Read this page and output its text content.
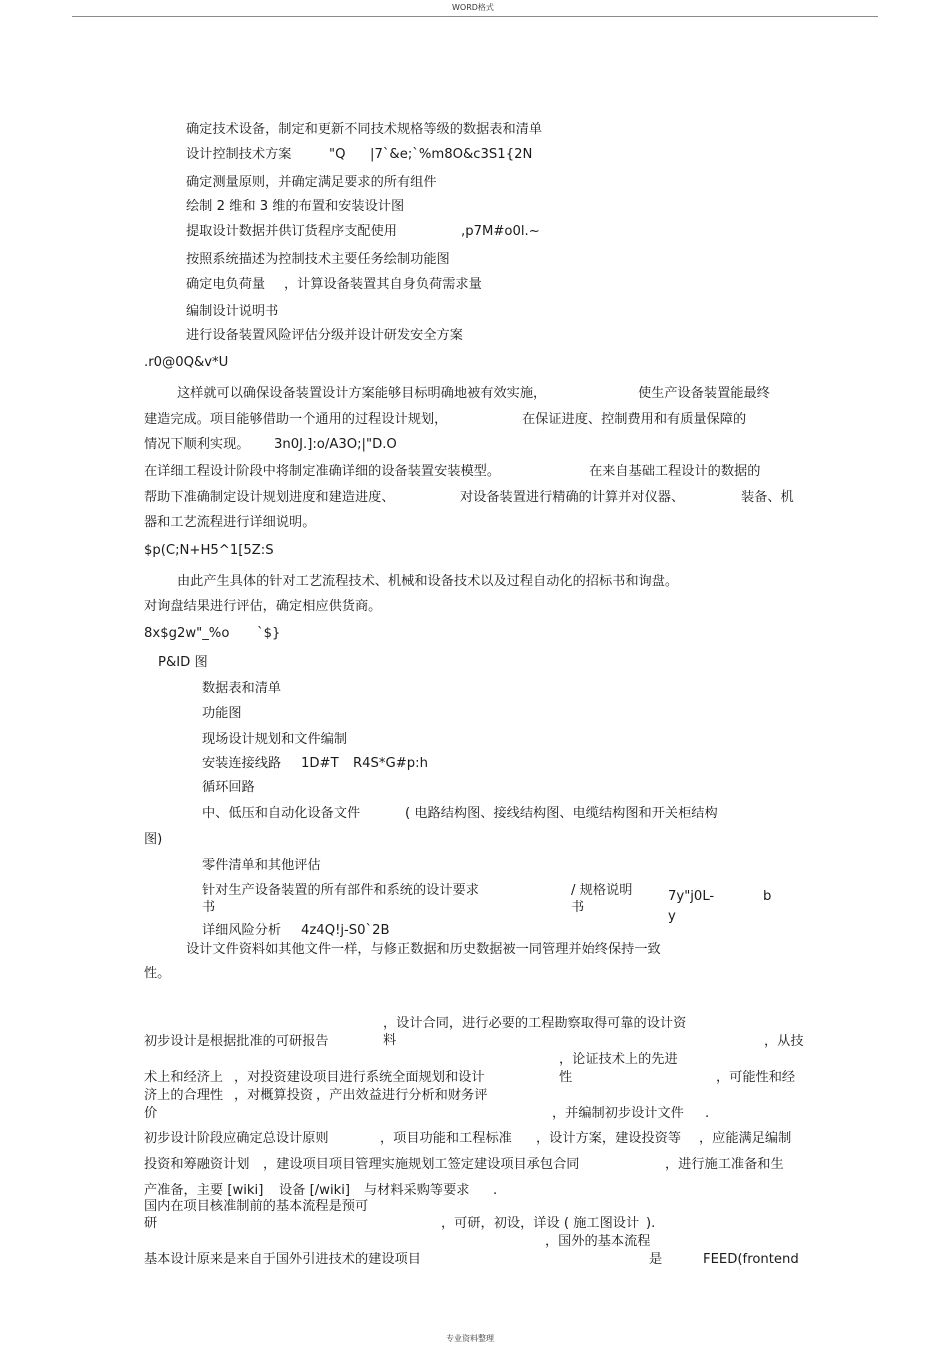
WORD格式
确定技术设备，制定和更新不同技术规格等级的数据表和清单
设计控制技术方案	"Q |7`&e;`%m8O&c3S1{2N
确定测量原则，并确定满足要求的所有组件
绘制 2 维和 3 维的布置和安装设计图
提取设计数据并供订货程序支配使用	,p7M#o0l.~
按照系统描述为控制技术主要任务绘制功能图
确定电负荷量 ，计算设备装置其自身负荷需求量
编制设计说明书
进行设备装置风险评估分级并设计研发安全方案
.r0@0Q&v*U
这样就可以确保设备装置设计方案能够目标明确地被有效实施，	使生产设备装置能最终
建造完成。项目能够借助一个通用的过程设计规划，	在保证进度、控制费用和有质量保障的
情况下顺利实现。 3n0J.]:o/A3O;|"D.O
在详细工程设计阶段中将制定准确详细的设备装置安装模型。	在来自基础工程设计的数据的
帮助下准确制定设计规划进度和建造进度、	对设备装置进行精确的计算并对仪器、	装备、机
器和工艺流程进行详细说明。
$p(C;N+H5^1[5Z:S
由此产生具体的针对工艺流程技术、机械和设备技术以及过程自动化的招标书和询盘。
对询盘结果进行评估，确定相应供货商。
8x$g2w"_%o `$}
P&ID 图
数据表和清单
功能图
现场设计规划和文件编制
安装连接线路 1D#T R4S*G#p:h
循环回路
中、低压和自动化设备文件	( 电路结构图、接线结构图、电缆结构图和开关柜结构
图)
零件清单和其他评估
针对生产设备装置的所有部件和系统的设计要求
书
/ 规格说明
书
7y"j0L-
y
b
详细风险分析 4z4Q!j-S0`2B
设计文件资料如其他文件一样，与修正数据和历史数据被一同管理并始终保持一致
性。
，设计合同，进行必要的工程勘察取得可靠的设计资
料
初步设计是根据批准的可研报告	，从技
，论证技术上的先进
性
术上和经济上 ，对投资建设项目进行系统全面规划和设计	，可能性和经
济上的合理性 ，对概算投资 ，产出效益进行分析和财务评
价	，并编制初步设计文件 .
初步设计阶段应确定总设计原则	，项目功能和工程标准 ，设计方案，建设投资等 ，应能满足编制
投资和筹融资计划 ，建设项目项目管理实施规划工签定建设项目承包合同	，进行施工准备和生
产准备，主要 [wiki] 设备 [/wiki] 与材料采购等要求 .
国内在项目核准制前的基本流程是预可
研	，可研，初设，详设 ( 施工图设计 ).
，国外的基本流程
基本设计原来是来自于国外引进技术的建设项目	是	FEED(frontend
专业资料整理
